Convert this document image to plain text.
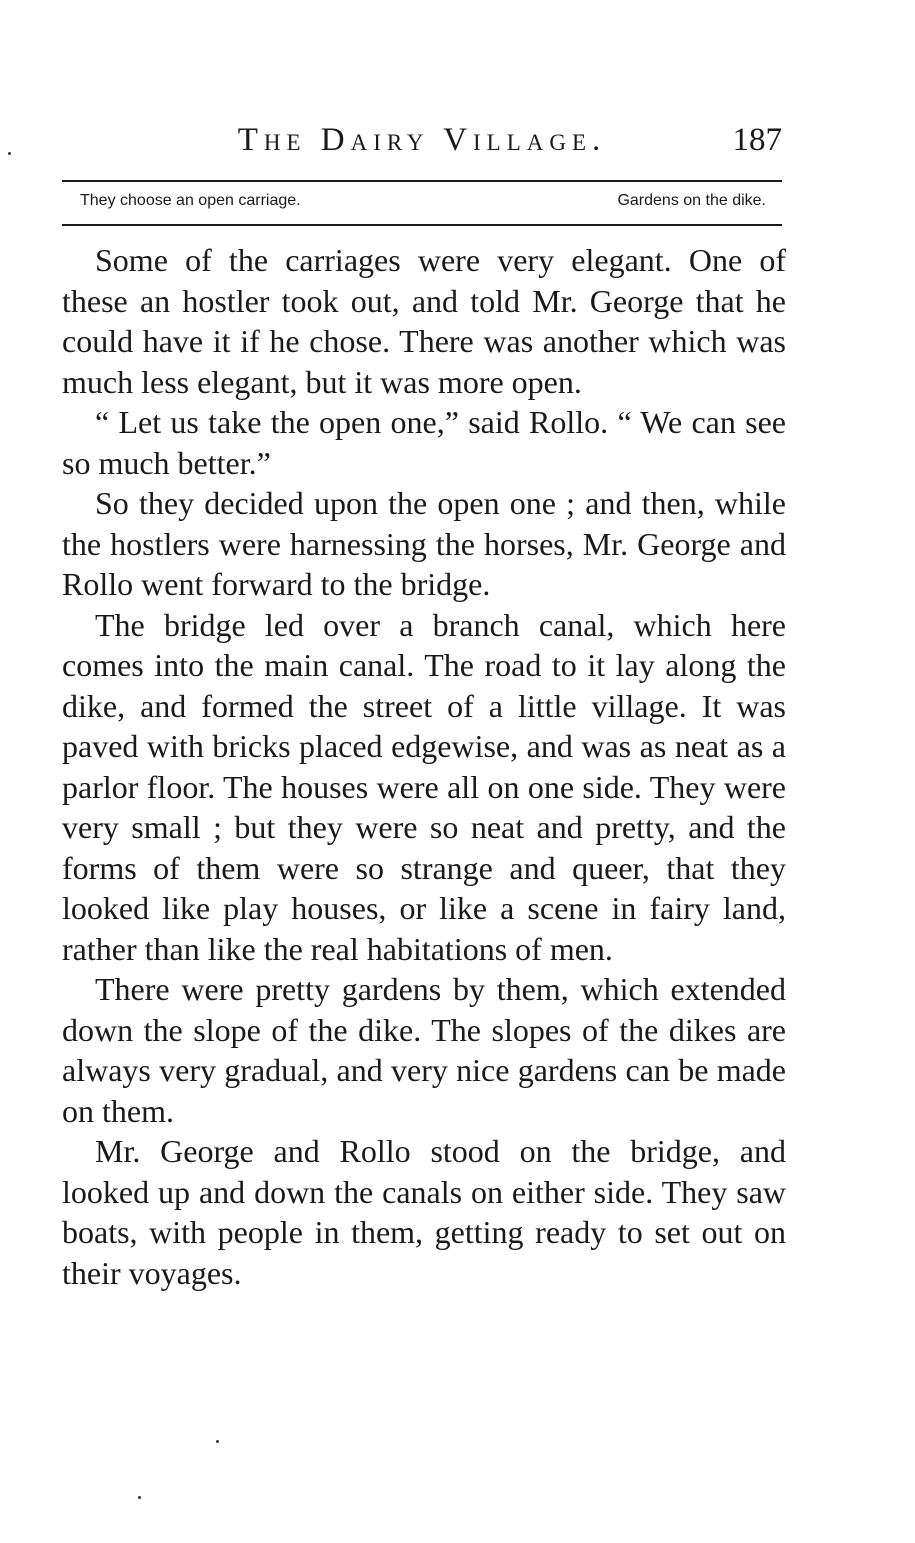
The Dairy Village.	187
They choose an open carriage.	Gardens on the dike.

Some of the carriages were very elegant. One of these an hostler took out, and told Mr. George that he could have it if he chose. There was another which was much less elegant, but it was more open.

“ Let us take the open one,” said Rollo. “ We can see so much better.”

So they decided upon the open one ; and then, while the hostlers were harnessing the horses, Mr. George and Rollo went forward to the bridge.

The bridge led over a branch canal, which here comes into the main canal. The road to it lay along the dike, and formed the street of a little village. It was paved with bricks placed edgewise, and was as neat as a parlor floor. The houses were all on one side. They were very small ; but they were so neat and pretty, and the forms of them were so strange and queer, that they looked like play houses, or like a scene in fairy land, rather than like the real habitations of men.

There were pretty gardens by them, which extended down the slope of the dike. The slopes of the dikes are always very gradual, and very nice gardens can be made on them.

Mr. George and Rollo stood on the bridge, and looked up and down the canals on either side. They saw boats, with people in them, getting ready to set out on their voyages.
